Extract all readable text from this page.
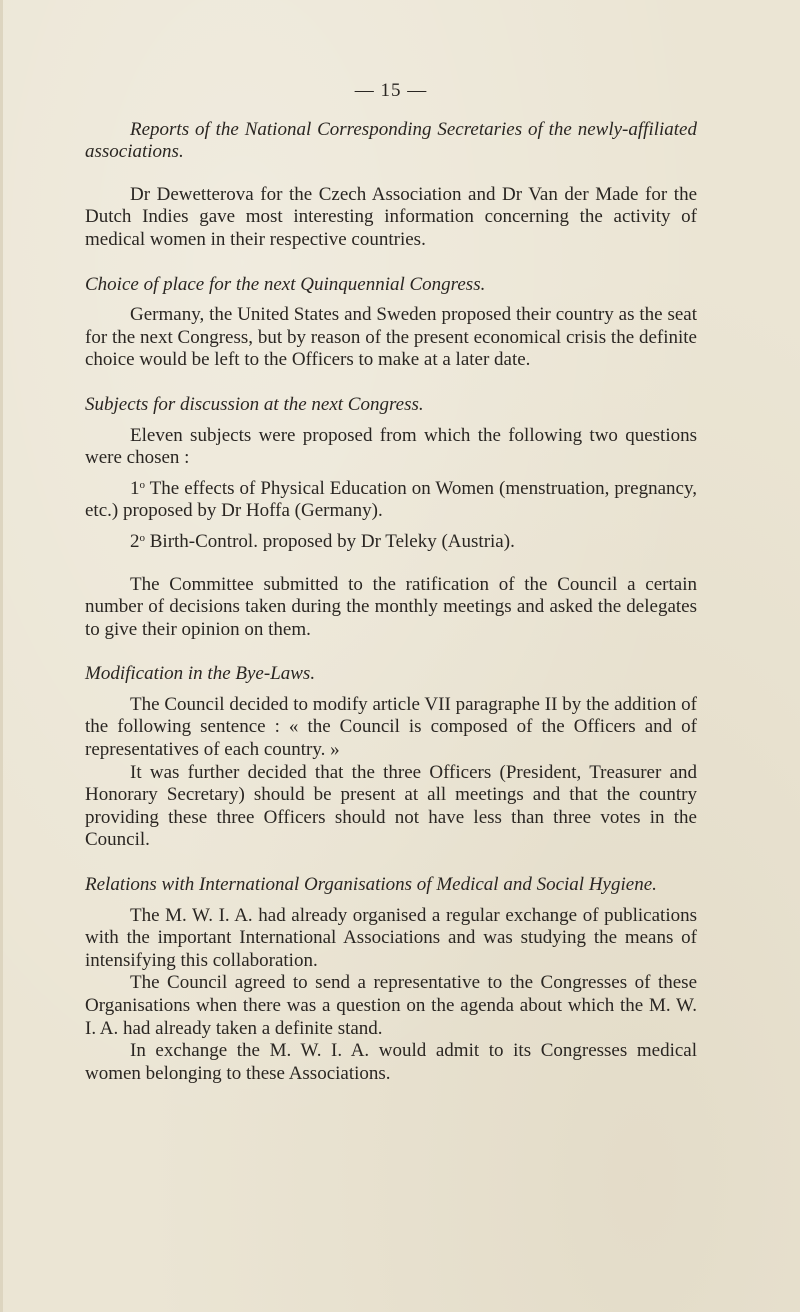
— 15 —

Reports of the National Corresponding Secretaries of the newly-affiliated associations.

Dr Dewetterova for the Czech Association and Dr Van der Made for the Dutch Indies gave most interesting information concerning the activity of medical women in their respective countries.

Choice of place for the next Quinquennial Congress.

Germany, the United States and Sweden proposed their country as the seat for the next Congress, but by reason of the present economical crisis the definite choice would be left to the Officers to make at a later date.

Subjects for discussion at the next Congress.

Eleven subjects were proposed from which the following two questions were chosen :

1$^o$ The effects of Physical Education on Women (menstruation, pregnancy, etc.) proposed by Dr Hoffa (Germany).

2$^o$ Birth-Control. proposed by Dr Teleky (Austria).

The Committee submitted to the ratification of the Council a certain number of decisions taken during the monthly meetings and asked the delegates to give their opinion on them.

Modification in the Bye-Laws.

The Council decided to modify article VII paragraphe II by the addition of the following sentence : « the Council is composed of the Officers and of representatives of each country. »

It was further decided that the three Officers (President, Treasurer and Honorary Secretary) should be present at all meetings and that the country providing these three Officers should not have less than three votes in the Council.

Relations with International Organisations of Medical and Social Hygiene.

The M. W. I. A. had already organised a regular exchange of publications with the important International Associations and was studying the means of intensifying this collaboration.

The Council agreed to send a representative to the Congresses of these Organisations when there was a question on the agenda about which the M. W. I. A. had already taken a definite stand.

In exchange the M. W. I. A. would admit to its Congresses medical women belonging to these Associations.
